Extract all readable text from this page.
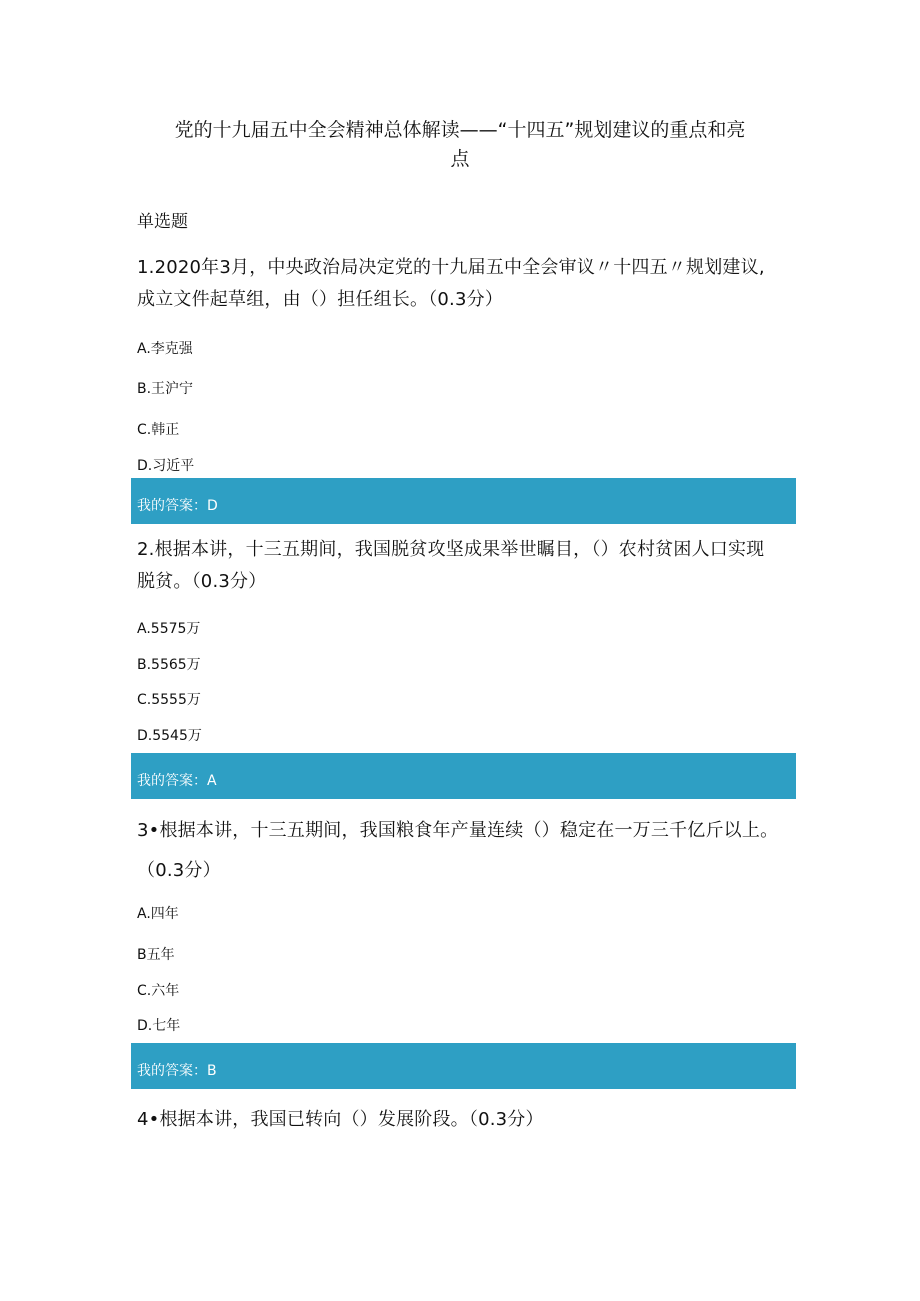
党的十九届五中全会精神总体解读——“十四五”规划建议的重点和亮
点
单选题
1.2020年3月，中央政治局决定党的十九届五中全会审议〃十四五〃规划建议,
成立文件起草组，由（）担任组长。（0.3分）
A.李克强
B.王沪宁
C.韩正
D.习近平
我的答案：D
2.根据本讲，十三五期间，我国脱贫攻坚成果举世瞩目，（）农村贫困人口实现
脱贫。（0.3分）
A.5575万
B.5565万
C.5555万
D.5545万
我的答案：A
3•根据本讲，十三五期间，我国粮食年产量连续（）稳定在一万三千亿斤以上。
（0.3分）
A.四年
B五年
C.六年
D.七年
我的答案：B
4•根据本讲，我国已转向（）发展阶段。（0.3分）
